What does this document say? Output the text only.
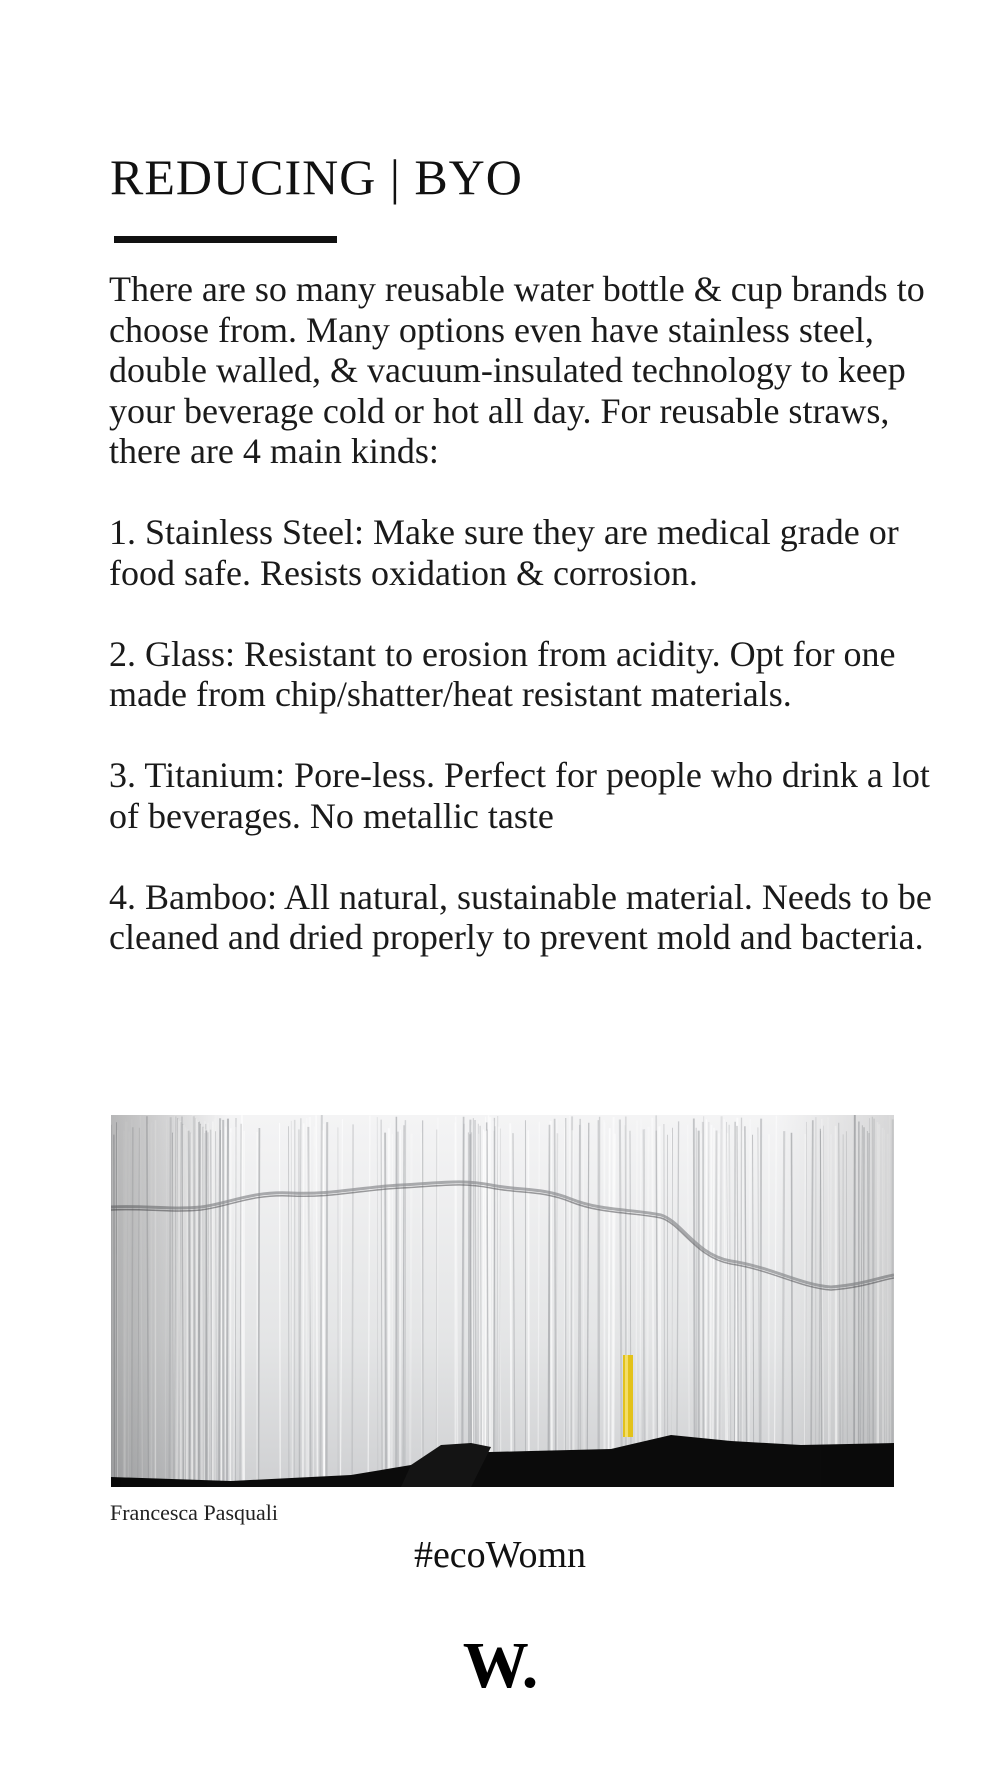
REDUCING | BYO

There are so many reusable water bottle & cup brands to choose from. Many options even have stainless steel, double walled, & vacuum-insulated technology to keep your beverage cold or hot all day. For reusable straws, there are 4 main kinds:

1. Stainless Steel: Make sure they are medical grade or food safe. Resists oxidation & corrosion.

2. Glass: Resistant to erosion from acidity. Opt for one made from chip/shatter/heat resistant materials.

3. Titanium: Pore-less. Perfect for people who drink a lot of beverages. No metallic taste

4. Bamboo: All natural, sustainable material. Needs to be cleaned and dried properly to prevent mold and bacteria.

Francesca Pasquali
#ecoWomn
W.
